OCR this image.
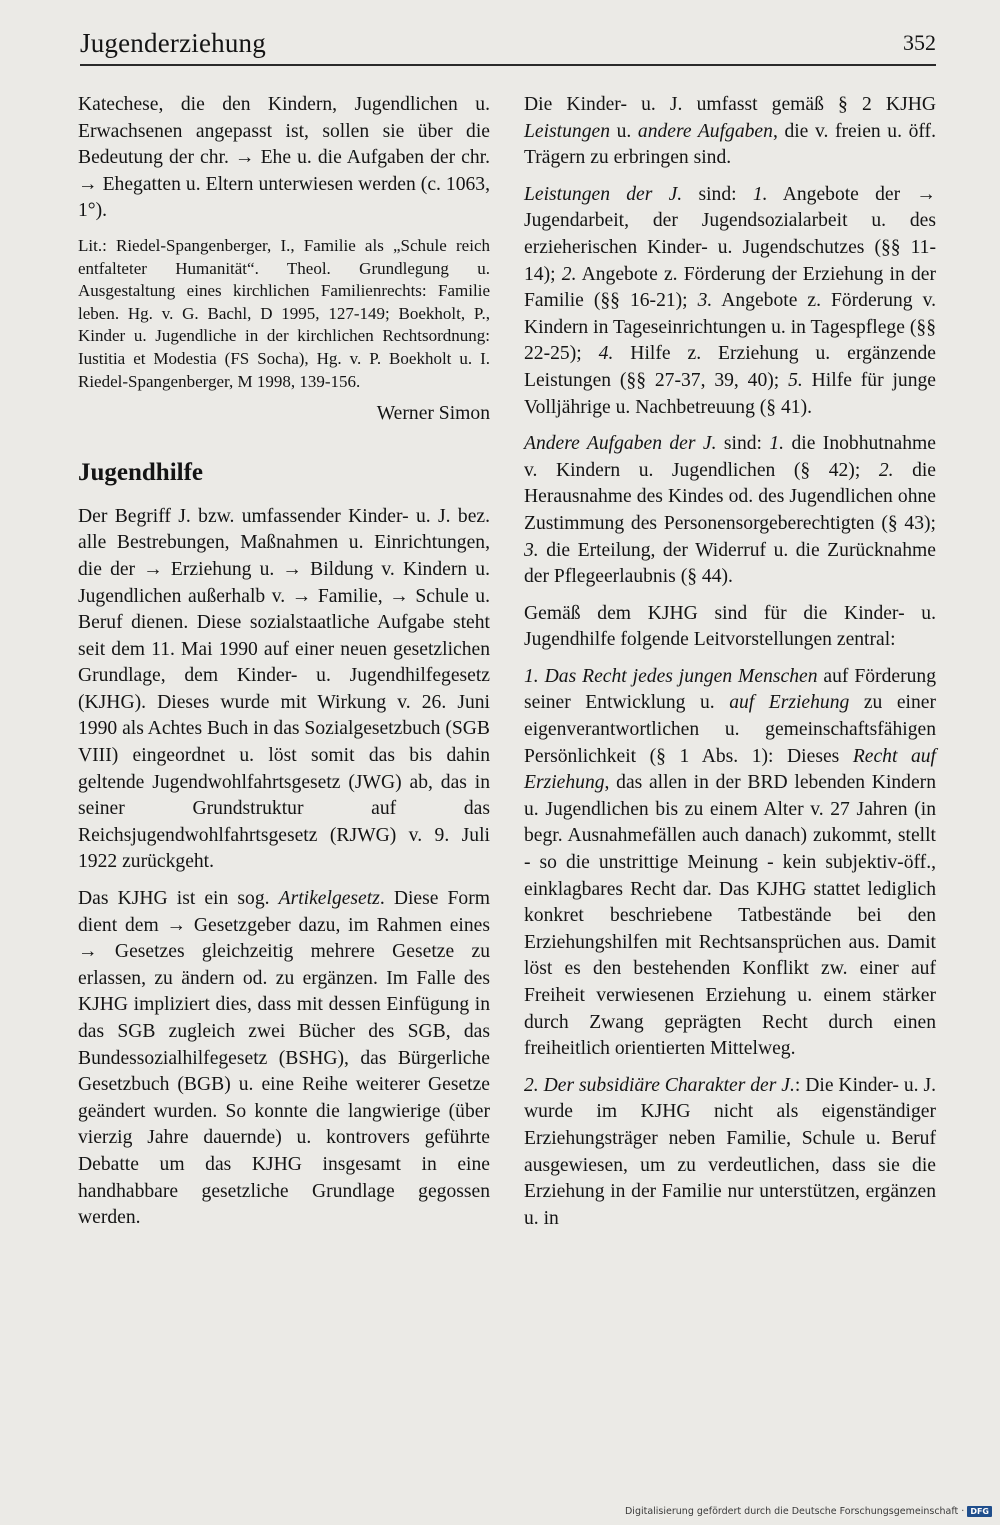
Jugenderziehung	352

Katechese, die den Kindern, Jugendlichen u. Erwachsenen angepasst ist, sollen sie über die Bedeutung der chr. → Ehe u. die Aufgaben der chr. → Ehegatten u. Eltern unterwiesen werden (c. 1063, 1°).

Lit.: Riedel-Spangenberger, I., Familie als „Schule reich entfalteter Humanität“. Theol. Grundlegung u. Ausgestaltung eines kirchlichen Familienrechts: Familie leben. Hg. v. G. Bachl, D 1995, 127-149; Boekholt, P., Kinder u. Jugendliche in der kirchlichen Rechtsordnung: Iustitia et Modestia (FS Socha), Hg. v. P. Boekholt u. I. Riedel-Spangenberger, M 1998, 139-156.

Werner Simon

Jugendhilfe

Der Begriff J. bzw. umfassender Kinder- u. J. bez. alle Bestrebungen, Maßnahmen u. Einrichtungen, die der → Erziehung u. → Bildung v. Kindern u. Jugendlichen außerhalb v. → Familie, → Schule u. Beruf dienen. Diese sozialstaatliche Aufgabe steht seit dem 11. Mai 1990 auf einer neuen gesetzlichen Grundlage, dem Kinder- u. Jugendhilfegesetz (KJHG). Dieses wurde mit Wirkung v. 26. Juni 1990 als Achtes Buch in das Sozialgesetzbuch (SGB VIII) eingeordnet u. löst somit das bis dahin geltende Jugendwohlfahrtsgesetz (JWG) ab, das in seiner Grundstruktur auf das Reichsjugendwohlfahrtsgesetz (RJWG) v. 9. Juli 1922 zurückgeht.

Das KJHG ist ein sog. Artikelgesetz. Diese Form dient dem → Gesetzgeber dazu, im Rahmen eines → Gesetzes gleichzeitig mehrere Gesetze zu erlassen, zu ändern od. zu ergänzen. Im Falle des KJHG impliziert dies, dass mit dessen Einfügung in das SGB zugleich zwei Bücher des SGB, das Bundessozialhilfegesetz (BSHG), das Bürgerliche Gesetzbuch (BGB) u. eine Reihe weiterer Gesetze geändert wurden. So konnte die langwierige (über vierzig Jahre dauernde) u. kontrovers geführte Debatte um das KJHG insgesamt in eine handhabbare gesetzliche Grundlage gegossen werden.

Die Kinder- u. J. umfasst gemäß § 2 KJHG Leistungen u. andere Aufgaben, die v. freien u. öff. Trägern zu erbringen sind.

Leistungen der J. sind: 1. Angebote der → Jugendarbeit, der Jugendsozialarbeit u. des erzieherischen Kinder- u. Jugendschutzes (§§ 11-14); 2. Angebote z. Förderung der Erziehung in der Familie (§§ 16-21); 3. Angebote z. Förderung v. Kindern in Tageseinrichtungen u. in Tagespflege (§§ 22-25); 4. Hilfe z. Erziehung u. ergänzende Leistungen (§§ 27-37, 39, 40); 5. Hilfe für junge Volljährige u. Nachbetreuung (§ 41).

Andere Aufgaben der J. sind: 1. die Inobhutnahme v. Kindern u. Jugendlichen (§ 42); 2. die Herausnahme des Kindes od. des Jugendlichen ohne Zustimmung des Personensorgeberechtigten (§ 43); 3. die Erteilung, der Widerruf u. die Zurücknahme der Pflegeerlaubnis (§ 44).

Gemäß dem KJHG sind für die Kinder- u. Jugendhilfe folgende Leitvorstellungen zentral:

1. Das Recht jedes jungen Menschen auf Förderung seiner Entwicklung u. auf Erziehung zu einer eigenverantwortlichen u. gemeinschaftsfähigen Persönlichkeit (§ 1 Abs. 1): Dieses Recht auf Erziehung, das allen in der BRD lebenden Kindern u. Jugendlichen bis zu einem Alter v. 27 Jahren (in begr. Ausnahmefällen auch danach) zukommt, stellt - so die unstrittige Meinung - kein subjektiv-öff., einklagbares Recht dar. Das KJHG stattet lediglich konkret beschriebene Tatbestände bei den Erziehungshilfen mit Rechtsansprüchen aus. Damit löst es den bestehenden Konflikt zw. einer auf Freiheit verwiesenen Erziehung u. einem stärker durch Zwang geprägten Recht durch einen freiheitlich orientierten Mittelweg.

2. Der subsidiäre Charakter der J.: Die Kinder- u. J. wurde im KJHG nicht als eigenständiger Erziehungsträger neben Familie, Schule u. Beruf ausgewiesen, um zu verdeutlichen, dass sie die Erziehung in der Familie nur unterstützen, ergänzen u. in

Digitalisierung gefördert durch die Deutsche Forschungsgemeinschaft · DFG
